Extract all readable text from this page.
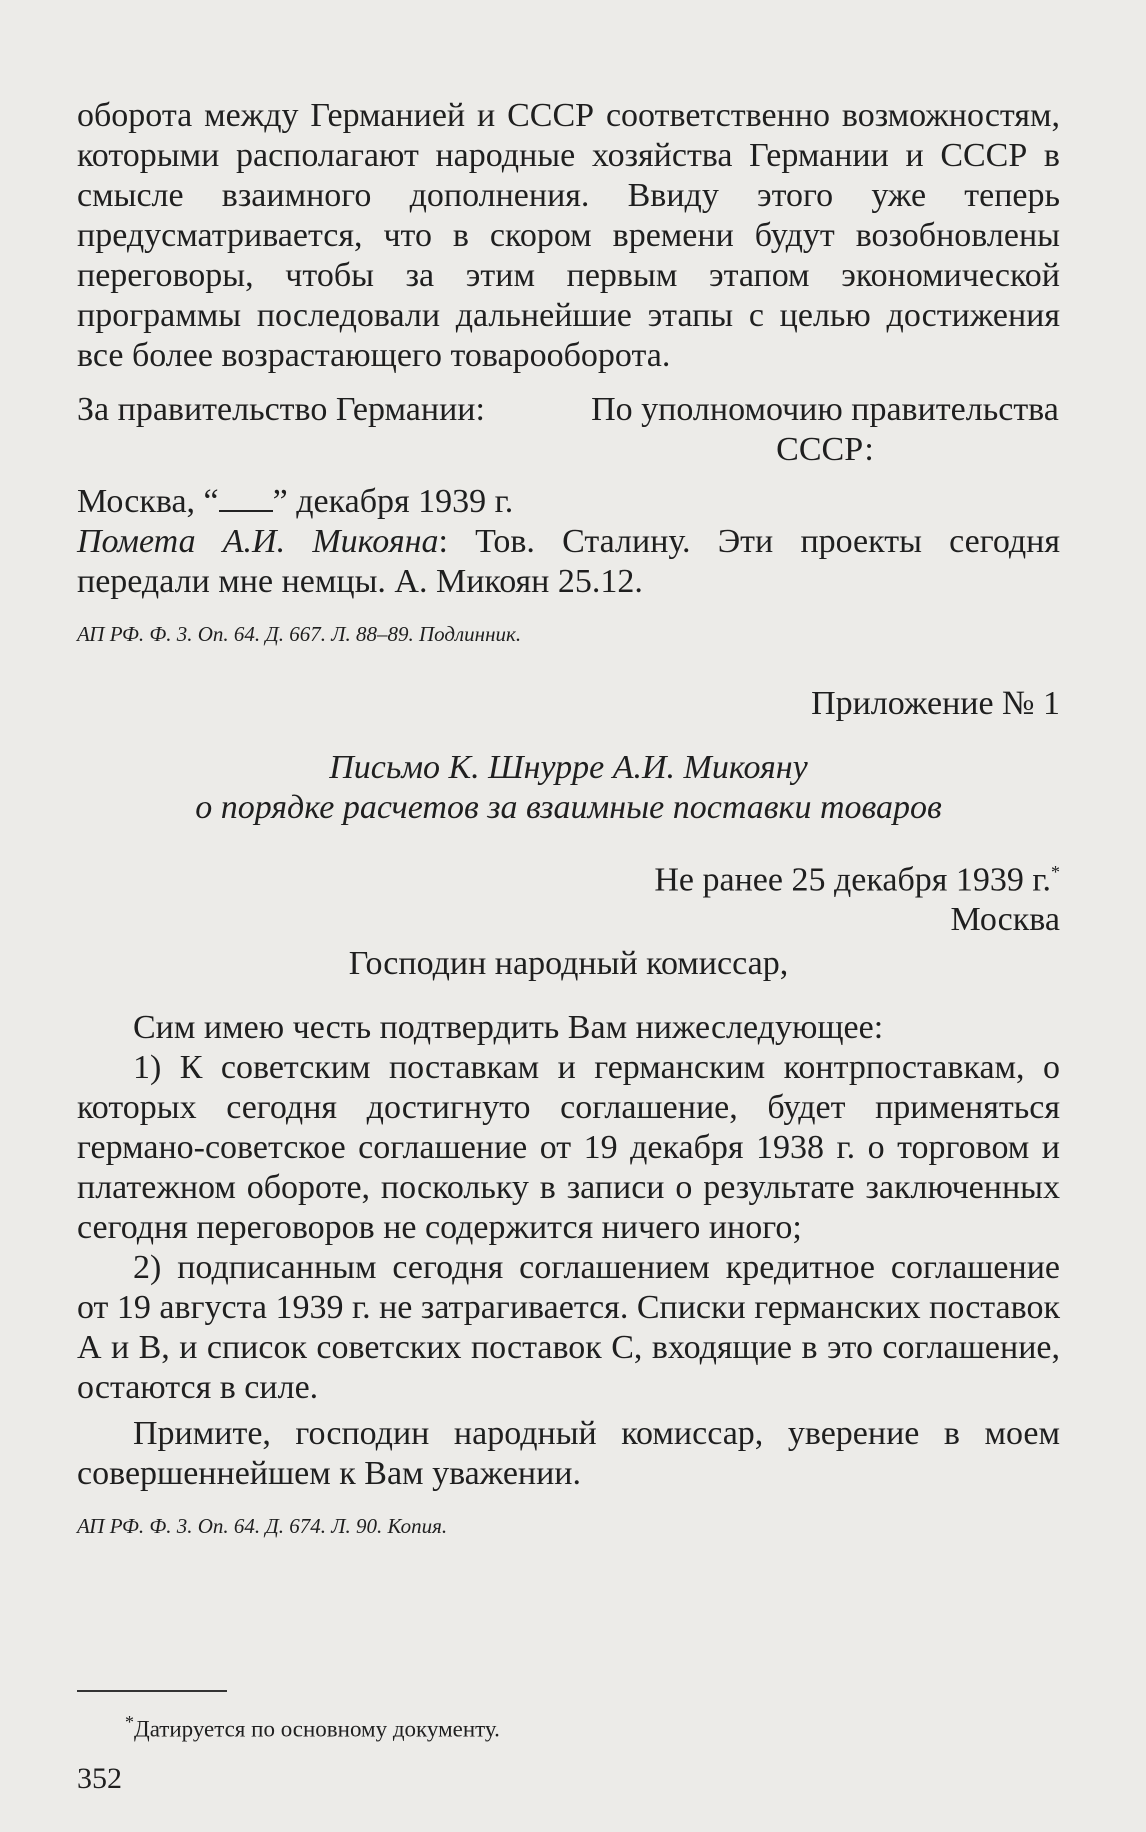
оборота между Германией и СССР соответственно возможностям, которыми располагают народные хозяйства Германии и СССР в смысле взаимного дополнения. Ввиду этого уже теперь предусматривается, что в скором времени будут возобновлены переговоры, чтобы за этим первым этапом экономической программы последовали дальнейшие этапы с целью достижения все более возрастающего товарооборота.

За правительство Германии:	По уполномочию правительства СССР:

Москва, “ ” декабря 1939 г.

Помета А.И. Микояна: Тов. Сталину. Эти проекты сегодня передали мне немцы. А. Микоян 25.12.

АП РФ. Ф. 3. Оп. 64. Д. 667. Л. 88–89. Подлинник.

Приложение № 1

Письмо К. Шнурре А.И. Микояну

о порядке расчетов за взаимные поставки товаров

Не ранее 25 декабря 1939 г.*

Москва

Господин народный комиссар,

Сим имею честь подтвердить Вам нижеследующее:

1) К советским поставкам и германским контрпоставкам, о которых сегодня достигнуто соглашение, будет применяться германо-советское соглашение от 19 декабря 1938 г. о торговом и платежном обороте, поскольку в записи о результате заключенных сегодня переговоров не содержится ничего иного;

2) подписанным сегодня соглашением кредитное соглашение от 19 августа 1939 г. не затрагивается. Списки германских поставок А и В, и список советских поставок С, входящие в это соглашение, остаются в силе.

Примите, господин народный комиссар, уверение в моем совершеннейшем к Вам уважении.

АП РФ. Ф. 3. Оп. 64. Д. 674. Л. 90. Копия.

*Датируется по основному документу.
352
